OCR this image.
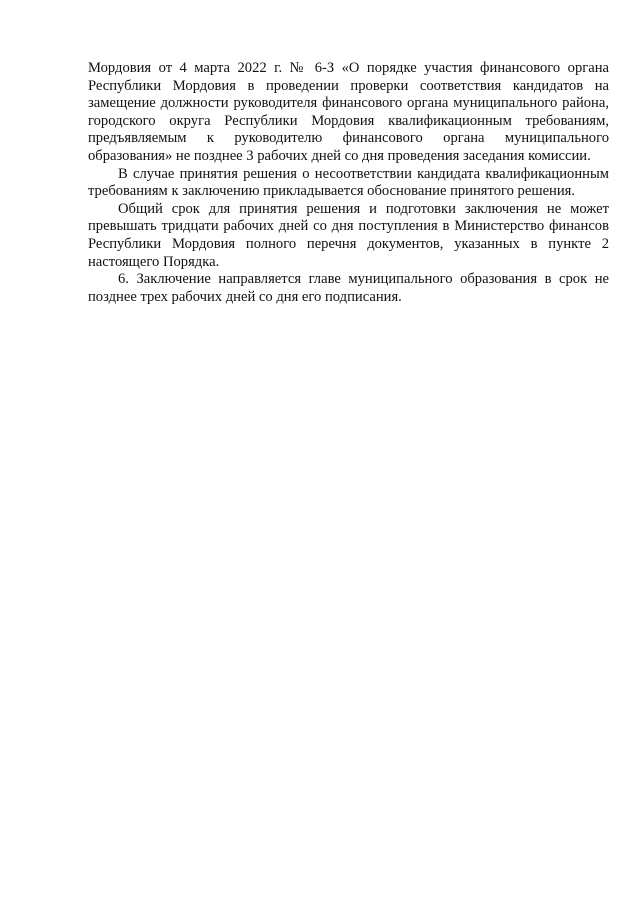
Мордовия от 4 марта 2022 г. № 6-З «О порядке участия финансового органа Республики Мордовия в проведении проверки соответствия кандидатов на замещение должности руководителя финансового органа муниципального района, городского округа Республики Мордовия квалификационным требованиям, предъявляемым к руководителю финансового органа муниципального образования» не позднее 3 рабочих дней со дня проведения заседания комиссии.

В случае принятия решения о несоответствии кандидата квалификационным требованиям к заключению прикладывается обоснование принятого решения.

Общий срок для принятия решения и подготовки заключения не может превышать тридцати рабочих дней со дня поступления в Министерство финансов Республики Мордовия полного перечня документов, указанных в пункте 2 настоящего Порядка.

6. Заключение направляется главе муниципального образования в срок не позднее трех рабочих дней со дня его подписания.
